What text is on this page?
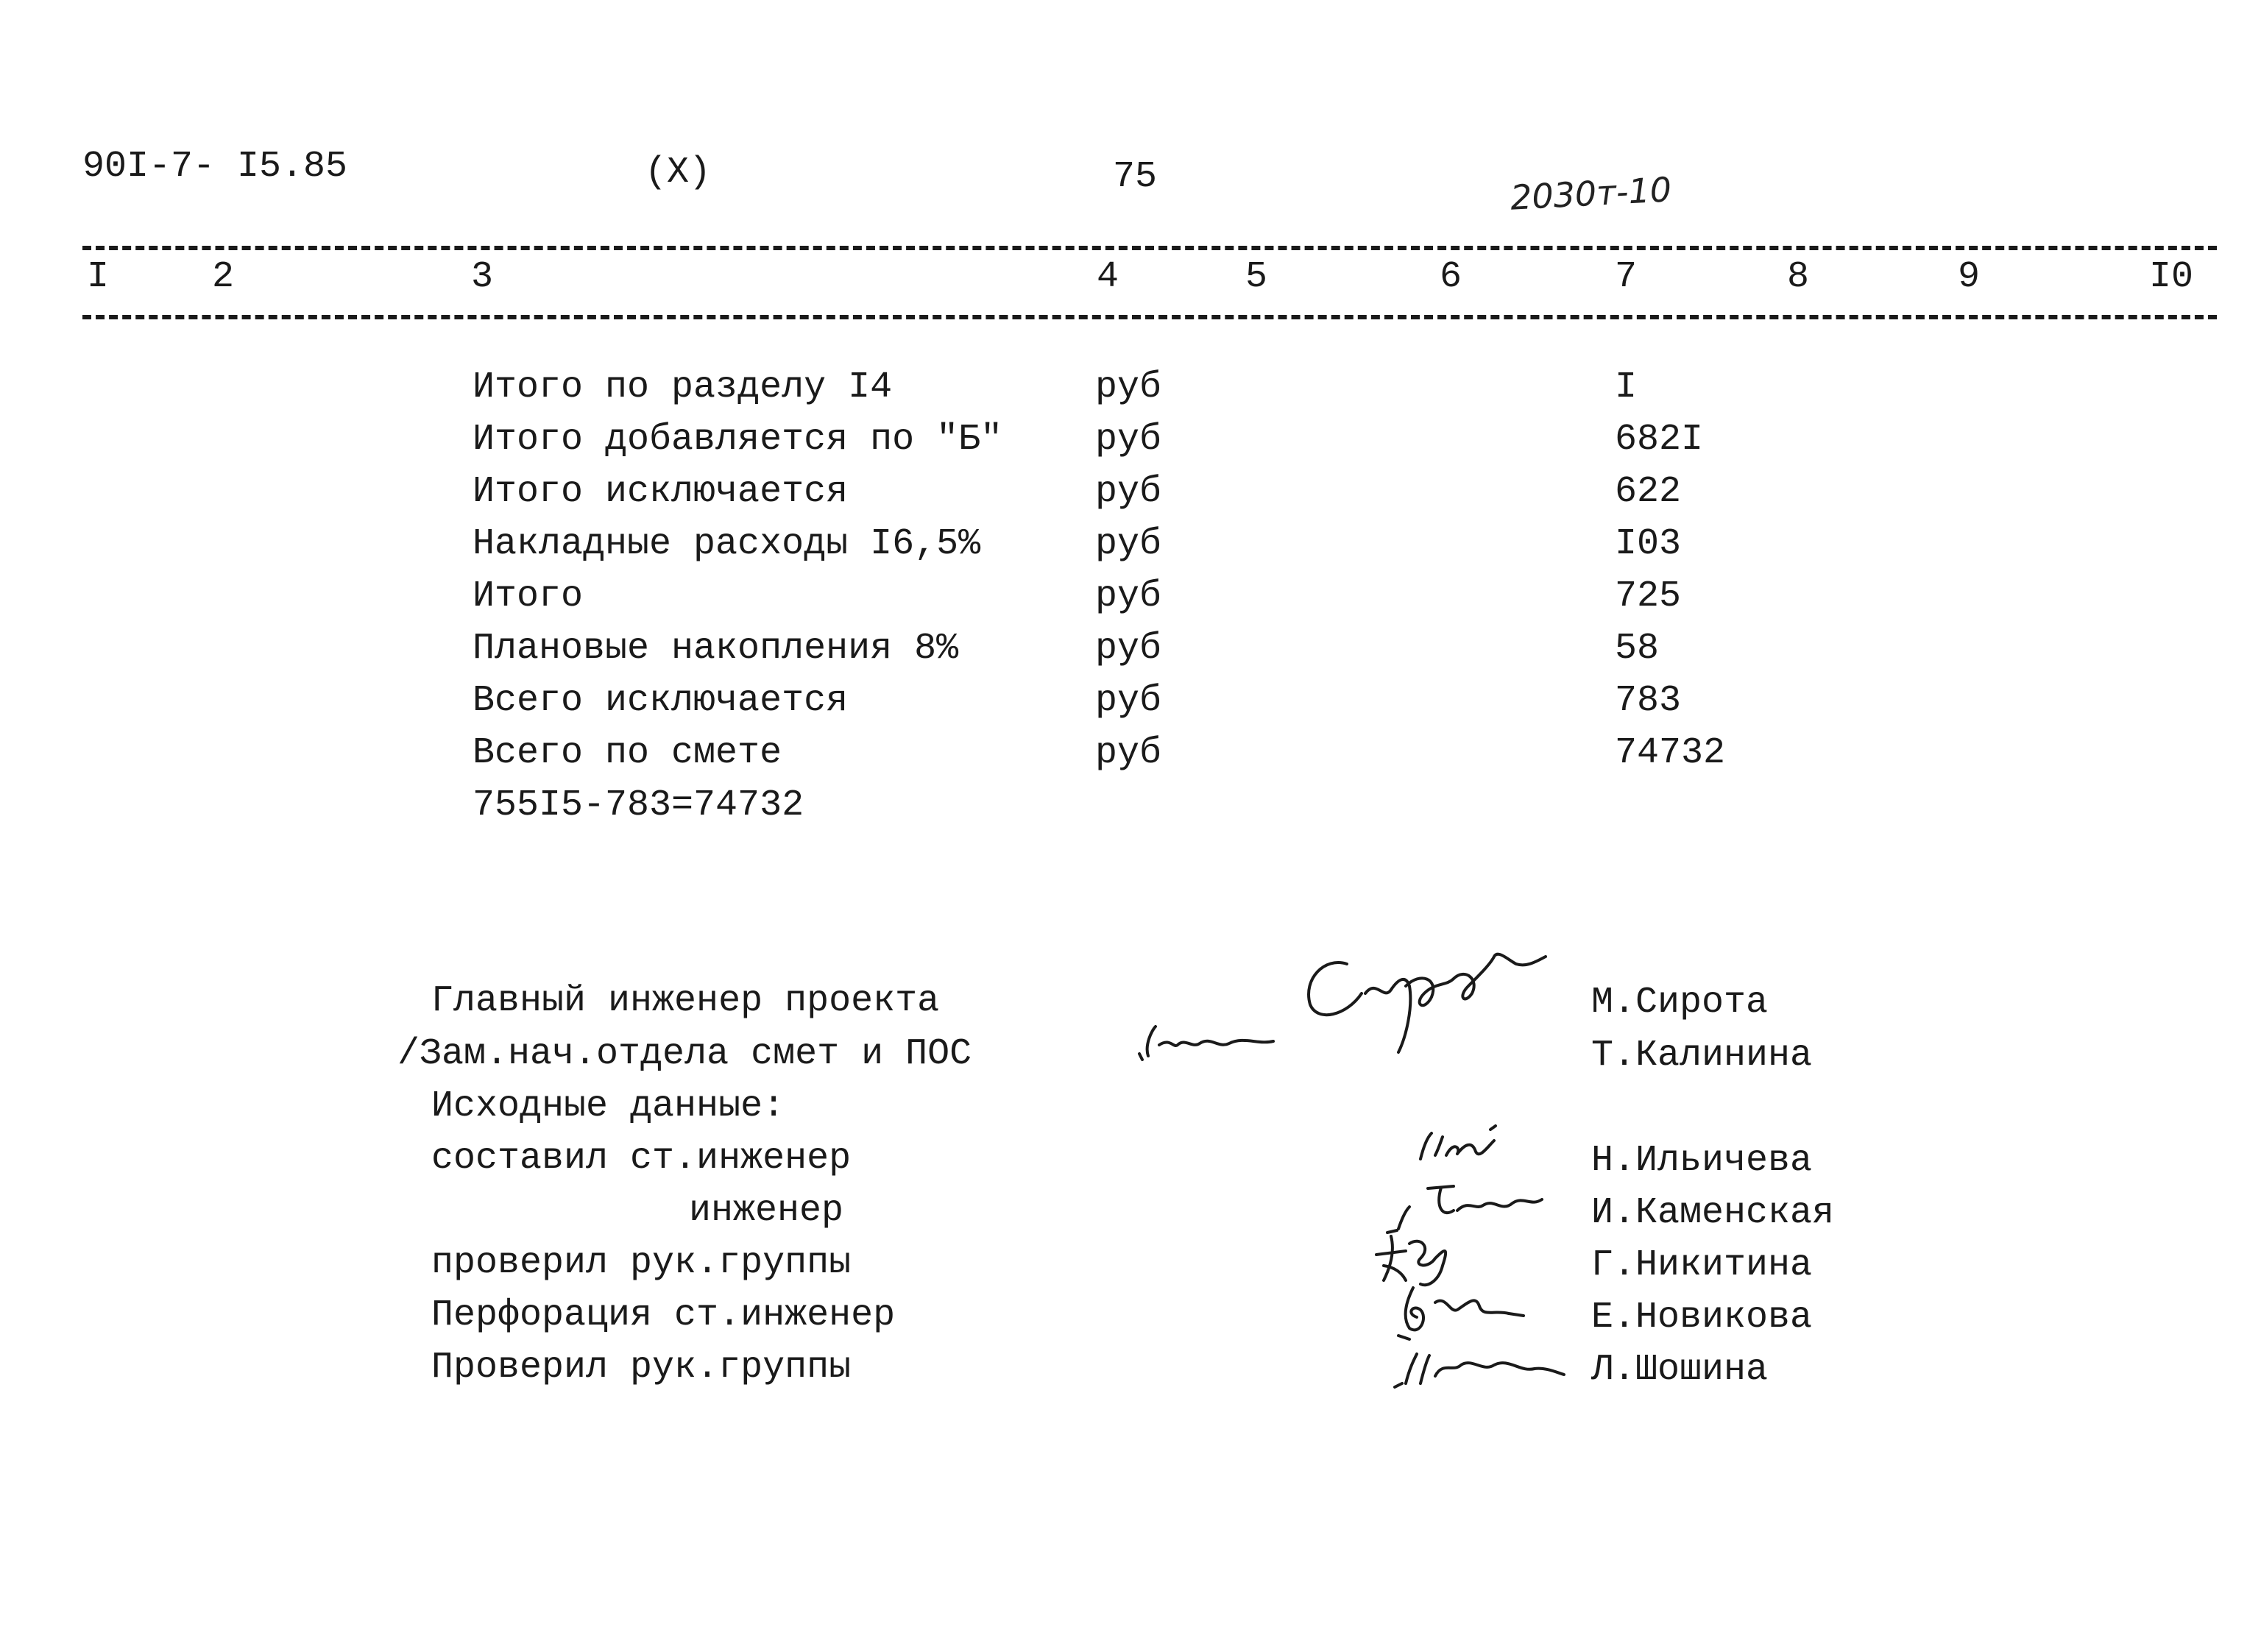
90I-7- I5.85	(X)	75	2030т-10
I	2	3	4	5	6	7	8	9	I0
Итого по разделу I4	руб	I
Итого добавляется по "Б"	руб	682I
Итого исключается	руб	622
Накладные расходы I6,5%	руб	I03
Итого	руб	725
Плановые накопления 8%	руб	58
Всего исключается	руб	783
Всего по смете	руб	74732
755I5-783=74732
Главный инженер проекта	М.Сирота
/Зам.нач.отдела смет и ПОС	Т.Калинина
Исходные данные:
составил ст.инженер	Н.Ильичева
инженер	И.Каменская
проверил рук.группы	Г.Никитина
Перфорация ст.инженер	Е.Новикова
Проверил рук.группы	Л.Шошина
